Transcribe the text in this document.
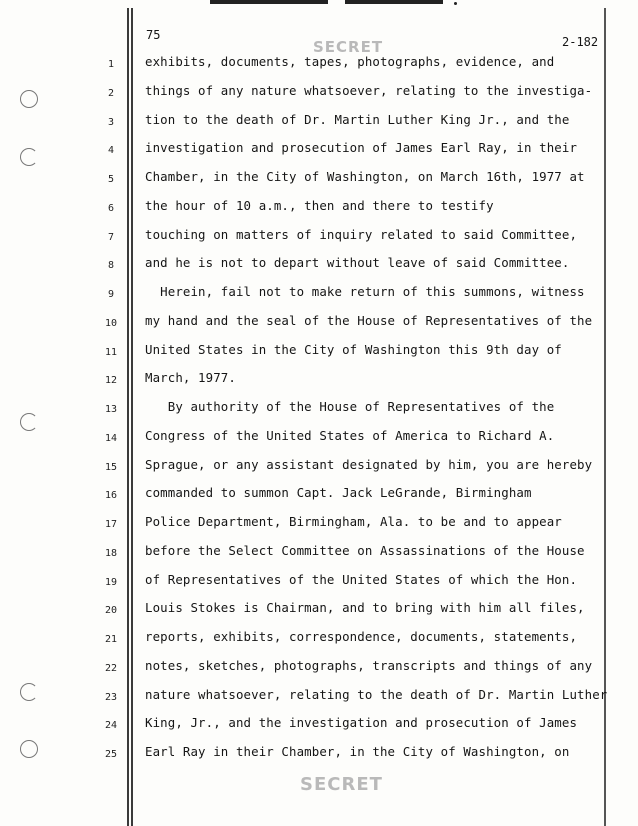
75	2-182
SECRET
SECRET
1	exhibits, documents, tapes, photographs, evidence, and
2	things of any nature whatsoever, relating to the investiga-
3	tion to the death of Dr. Martin Luther King Jr., and the
4	investigation and prosecution of James Earl Ray, in their
5	Chamber, in the City of Washington, on March 16th, 1977 at
6	the hour of 10 a.m., then and there to testify
7	touching on matters of inquiry related to said Committee,
8	and he is not to depart without leave of said Committee.
9	Herein, fail not to make return of this summons, witness
10	my hand and the seal of the House of Representatives of the
11	United States in the City of Washington this 9th day of
12	March, 1977.
13	By authority of the House of Representatives of the
14	Congress of the United States of America to Richard A.
15	Sprague, or any assistant designated by him, you are hereby
16	commanded to summon Capt. Jack LeGrande, Birmingham
17	Police Department, Birmingham, Ala. to be and to appear
18	before the Select Committee on Assassinations of the House
19	of Representatives of the United States of which the Hon.
20	Louis Stokes is Chairman, and to bring with him all files,
21	reports, exhibits, correspondence, documents, statements,
22	notes, sketches, photographs, transcripts and things of any
23	nature whatsoever, relating to the death of Dr. Martin Luther
24	King, Jr., and the investigation and prosecution of James
25	Earl Ray in their Chamber, in the City of Washington, on
